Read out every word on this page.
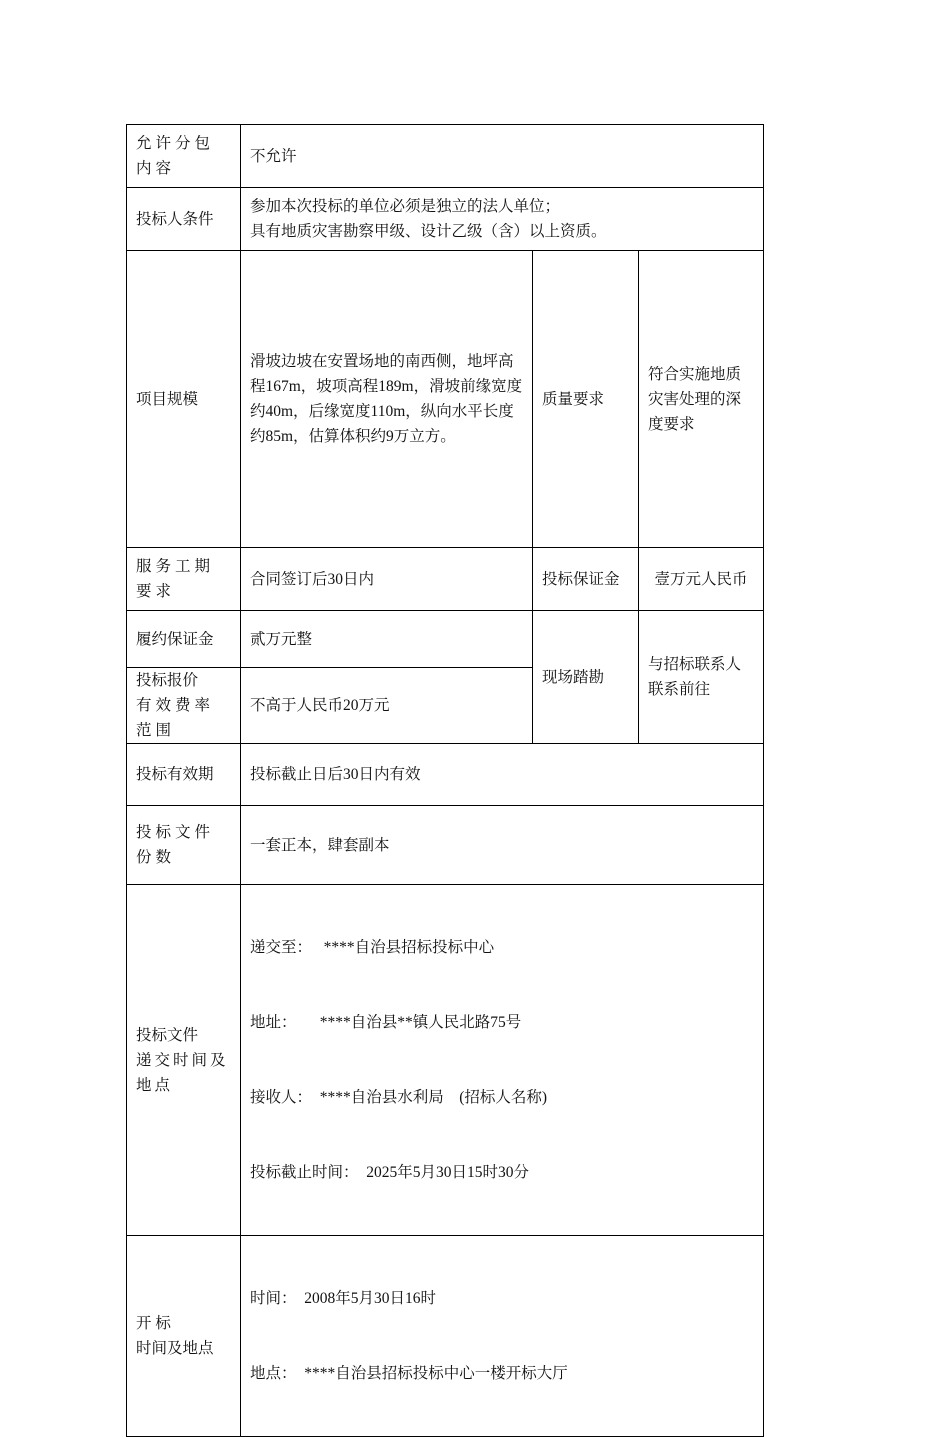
允许分包内容	不允许		
投标人条件	参加本次投标的单位必须是独立的法人单位；
具有地质灾害勘察甲级、设计乙级（含）以上资质。		

项目规模	滑坡边坡在安置场地的南西侧，地坪高程167m，坡项高程189m，滑坡前缘宽度约40m，后缘宽度110m，纵向水平长度约85m，估算体积约9万立方。	质量要求	符合实施地质灾害处理的深度要求
服务工期要求	合同签订后30日内	投标保证金	壹万元人民币
履约保证金	贰万元整	现场踏勘	与招标联系人联系前往

投标报价
有效费率范围	不高于人民币20万元		
投标有效期	投标截止日后30日内有效		
投标文件份数	一套正本，肆套副本		

投标文件
递交时间及地点	递交至：　 ****自治县招标投标中心

地址：　　****自治县**镇人民北路75号

接收人：　****自治县水利局　(招标人名称)

投标截止时间：  2025年5月30日15时30分		

开 标
时间及地点	时间：  2008年5月30日16时

地点：　****自治县招标投标中心一楼开标大厅		
